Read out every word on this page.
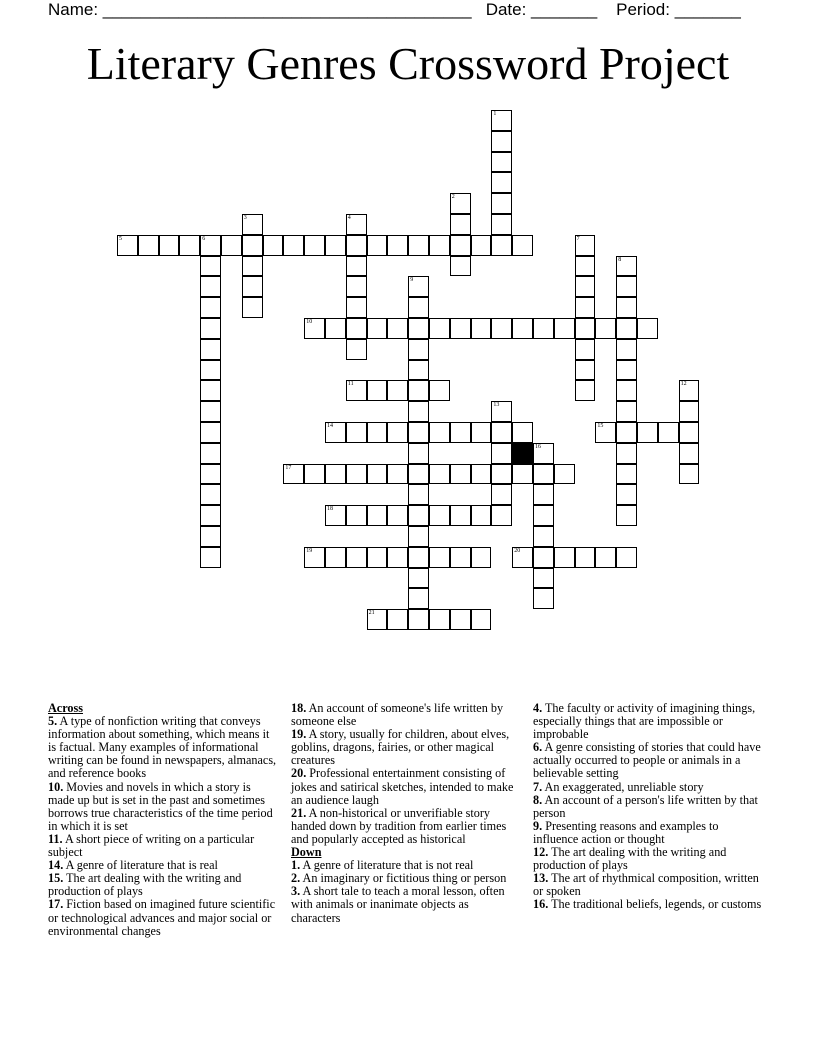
Name: _______________________________________   Date: _______    Period: _______
Literary Genres Crossword Project
1
2
3	4
5	6	7
8
9
10
11	12
13
14	15
16
17
18
19	20
21
Across
5. A type of nonfiction writing that conveys information about something, which means it is factual. Many examples of informational writing can be found in newspapers, almanacs, and reference books
10. Movies and novels in which a story is made up but is set in the past and sometimes borrows true characteristics of the time period in which it is set
11. A short piece of writing on a particular subject
14. A genre of literature that is real
15. The art dealing with the writing and production of plays
17. Fiction based on imagined future scientific or technological advances and major social or environmental changes
18. An account of someone's life written by someone else
19. A story, usually for children, about elves, goblins, dragons, fairies, or other magical creatures
20. Professional entertainment consisting of jokes and satirical sketches, intended to make an audience laugh
21. A non-historical or unverifiable story handed down by tradition from earlier times and popularly accepted as historical
Down
1. A genre of literature that is not real
2. An imaginary or fictitious thing or person
3. A short tale to teach a moral lesson, often with animals or inanimate objects as characters
4. The faculty or activity of imagining things, especially things that are impossible or improbable
6. A genre consisting of stories that could have actually occurred to people or animals in a believable setting
7. An exaggerated, unreliable story
8. An account of a person's life written by that person
9. Presenting reasons and examples to influence action or thought
12. The art dealing with the writing and production of plays
13. The art of rhythmical composition, written or spoken
16. The traditional beliefs, legends, or customs
